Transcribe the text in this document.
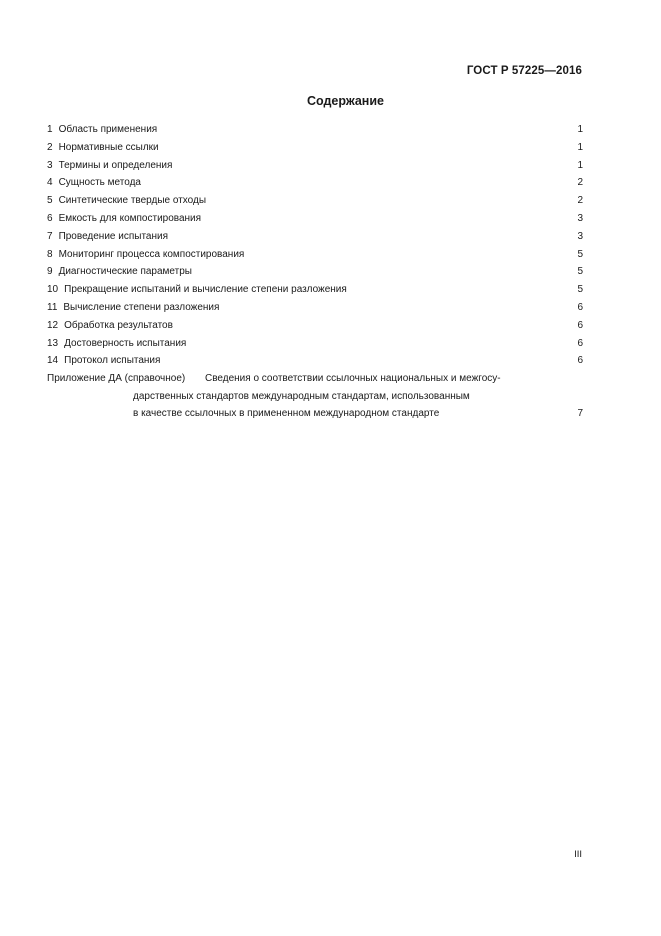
ГОСТ Р 57225—2016
Содержание
1 Область применения	1
2 Нормативные ссылки	1
3 Термины и определения	1
4 Сущность метода	2
5 Синтетические твердые отходы	2
6 Емкость для компостирования	3
7 Проведение испытания	3
8 Мониторинг процесса компостирования	5
9 Диагностические параметры	5
10 Прекращение испытаний и вычисление степени разложения	5
11 Вычисление степени разложения	6
12 Обработка результатов	6
13 Достоверность испытания	6
14 Протокол испытания	6
Приложение ДА (справочное)	Сведения о соответствии ссылочных национальных и межгосу-
дарственных стандартов международным стандартам, использованным
в качестве ссылочных в примененном международном стандарте	7
III
